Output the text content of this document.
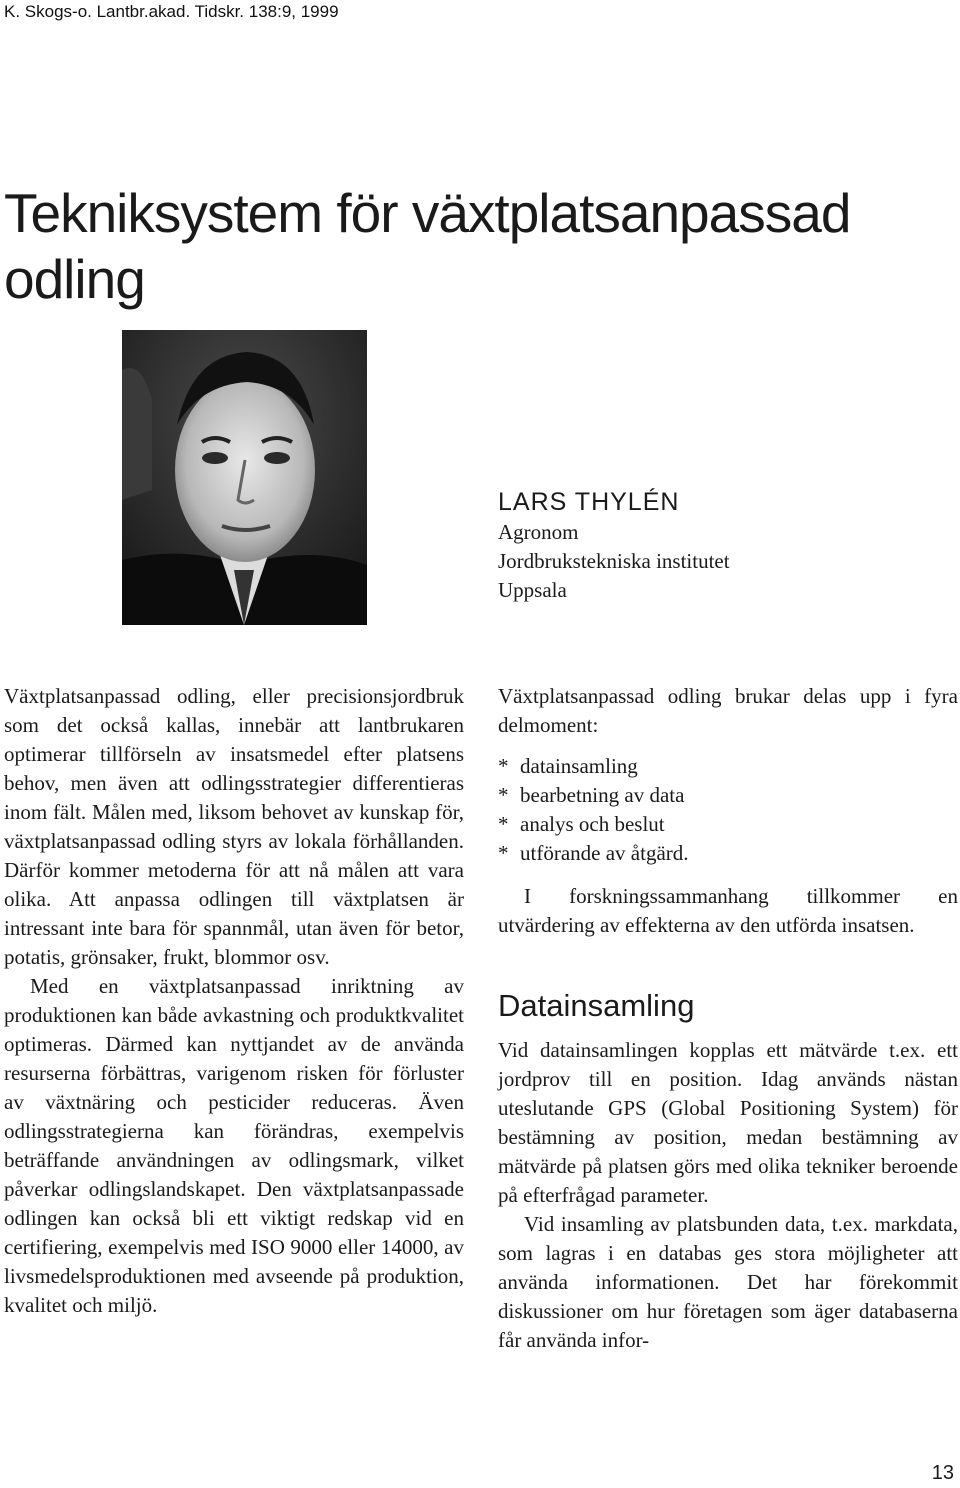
K. Skogs-o. Lantbr.akad. Tidskr. 138:9, 1999
Tekniksystem för växtplatsanpassad
odling
LARS THYLÉN
Agronom
Jordbrukstekniska institutet
Uppsala

Växtplatsanpassad odling, eller precisionsjordbruk som det också kallas, innebär att lantbrukaren optimerar tillförseln av insatsmedel efter platsens behov, men även att odlingsstrategier differentieras inom fält. Målen med, liksom behovet av kunskap för, växtplatsanpassad odling styrs av lokala förhållanden. Därför kommer metoderna för att nå målen att vara olika. Att anpassa odlingen till växtplatsen är intressant inte bara för spannmål, utan även för betor, potatis, grönsaker, frukt, blommor osv.

Med en växtplatsanpassad inriktning av produktionen kan både avkastning och produktkvalitet optimeras. Därmed kan nyttjandet av de använda resurserna förbättras, varigenom risken för förluster av växtnäring och pesticider reduceras. Även odlingsstrategierna kan förändras, exempelvis beträffande användningen av odlingsmark, vilket påverkar odlingslandskapet. Den växtplatsanpassade odlingen kan också bli ett viktigt redskap vid en certifiering, exempelvis med ISO 9000 eller 14000, av livsmedelsproduktionen med avseende på produktion, kvalitet och miljö.

Växtplatsanpassad odling brukar delas upp i fyra delmoment:

* datainsamling
* bearbetning av data
* analys och beslut
* utförande av åtgärd.

I forskningssammanhang tillkommer en utvärdering av effekterna av den utförda insatsen.

Datainsamling

Vid datainsamlingen kopplas ett mätvärde t.ex. ett jordprov till en position. Idag används nästan uteslutande GPS (Global Positioning System) för bestämning av position, medan bestämning av mätvärde på platsen görs med olika tekniker beroende på efterfrågad parameter.

Vid insamling av platsbunden data, t.ex. markdata, som lagras i en databas ges stora möjligheter att använda informationen. Det har förekommit diskussioner om hur företagen som äger databaserna får använda infor-

13
